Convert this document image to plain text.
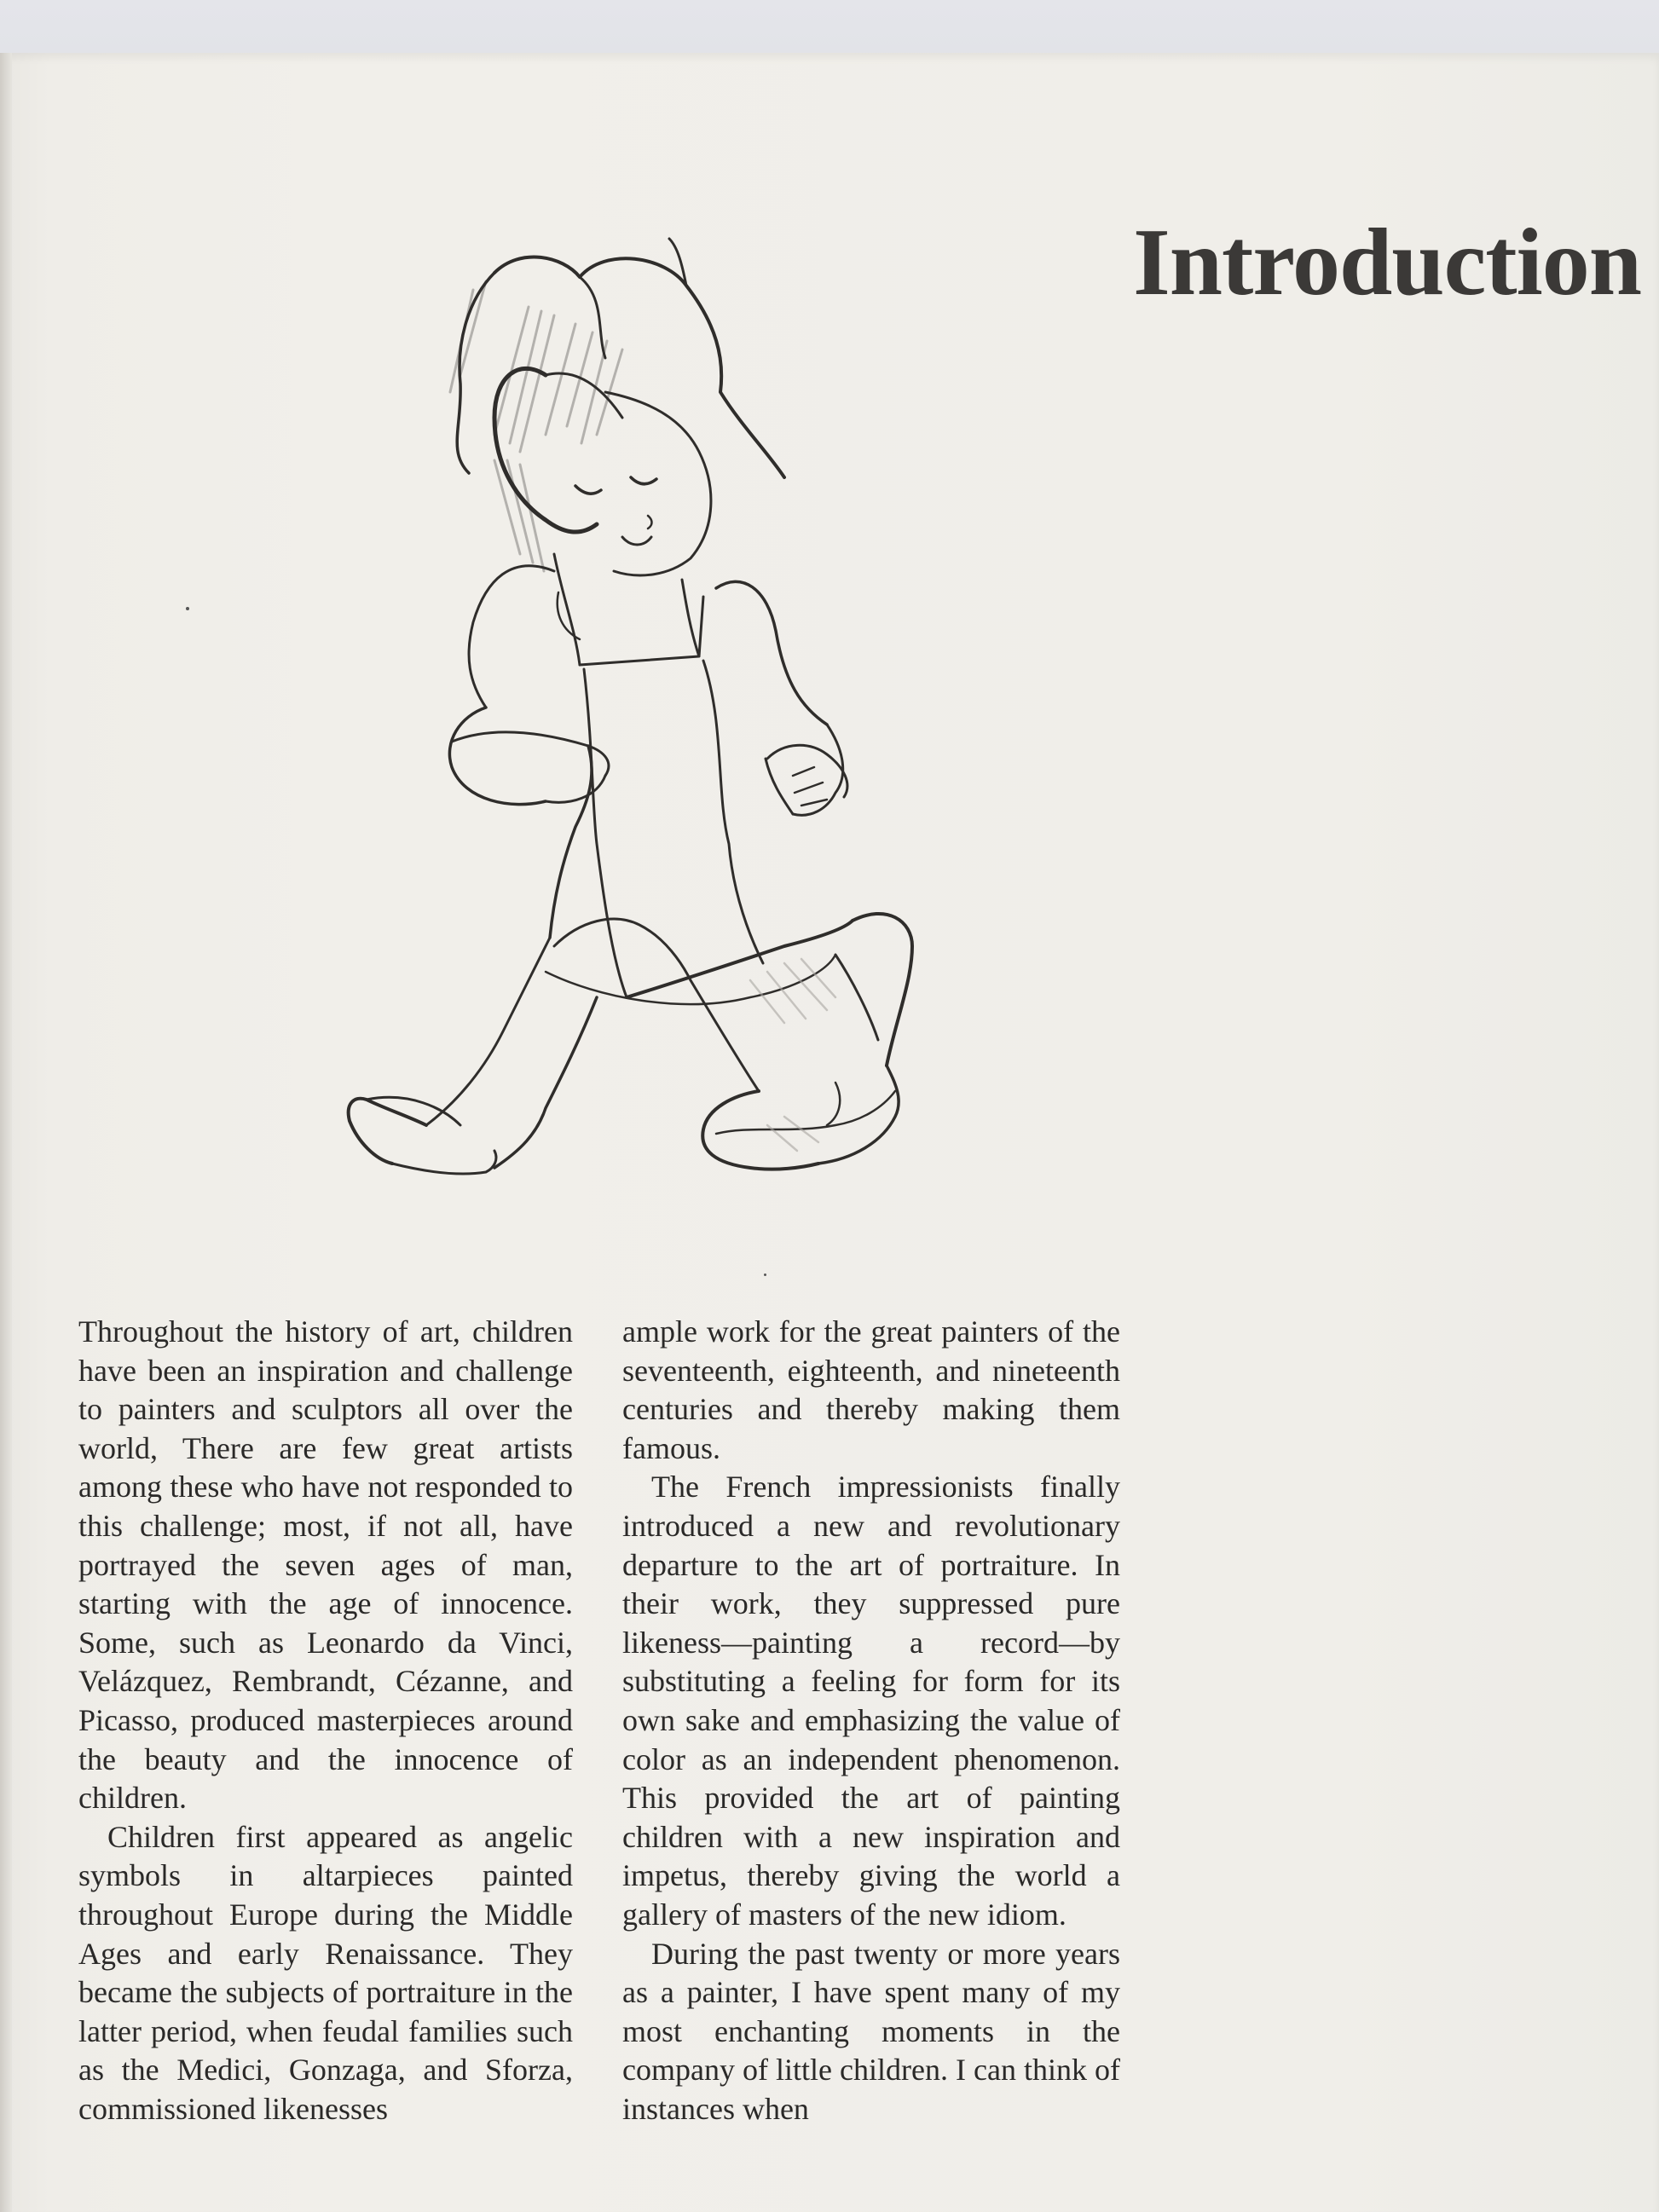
Introduction

Throughout the history of art, children have been an inspiration and challenge to painters and sculptors all over the world, There are few great artists among these who have not responded to this challenge; most, if not all, have portrayed the seven ages of man, starting with the age of innocence. Some, such as Leonardo da Vinci, Velázquez, Rembrandt, Cézanne, and Picasso, produced masterpieces around the beauty and the innocence of children.

Children first appeared as angelic symbols in altarpieces painted throughout Europe during the Middle Ages and early Renaissance. They became the subjects of portraiture in the latter period, when feudal families such as the Medici, Gonzaga, and Sforza, commissioned likenesses

ample work for the great painters of the seventeenth, eighteenth, and nineteenth centuries and thereby making them famous.

The French impressionists finally introduced a new and revolutionary departure to the art of portraiture. In their work, they suppressed pure likeness—painting a record—by substituting a feeling for form for its own sake and emphasizing the value of color as an independent phenomenon. This provided the art of painting children with a new inspiration and impetus, thereby giving the world a gallery of masters of the new idiom.

During the past twenty or more years as a painter, I have spent many of my most enchanting moments in the company of little children. I can think of instances when
